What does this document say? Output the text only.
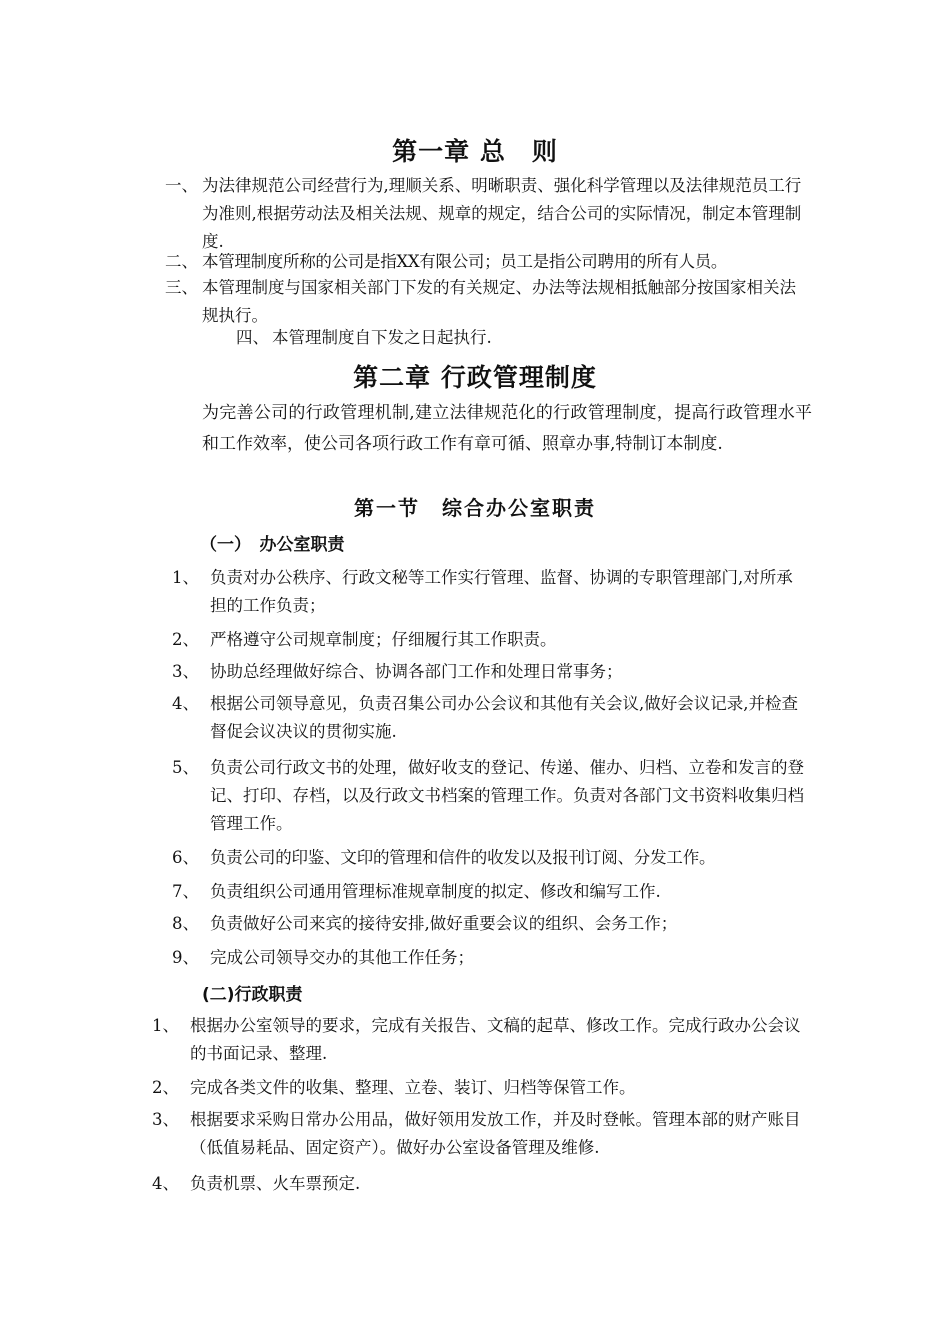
第一章 总　则
一、 为法律规范公司经营行为,理顺关系、明晰职责、强化科学管理以及法律规范员工行为准则,根据劳动法及相关法规、规章的规定，结合公司的实际情况，制定本管理制度.
二、 本管理制度所称的公司是指XX有限公司；员工是指公司聘用的所有人员。
三、 本管理制度与国家相关部门下发的有关规定、办法等法规相抵触部分按国家相关法规执行。
四、 本管理制度自下发之日起执行.
第二章 行政管理制度
为完善公司的行政管理机制,建立法律规范化的行政管理制度，提高行政管理水平和工作效率，使公司各项行政工作有章可循、照章办事,特制订本制度.
第一节　综合办公室职责
（一）　办公室职责
1、 负责对办公秩序、行政文秘等工作实行管理、监督、协调的专职管理部门,对所承担的工作负责；
2、 严格遵守公司规章制度；仔细履行其工作职责。
3、 协助总经理做好综合、协调各部门工作和处理日常事务；
4、 根据公司领导意见，负责召集公司办公会议和其他有关会议,做好会议记录,并检查督促会议决议的贯彻实施.
5、 负责公司行政文书的处理，做好收支的登记、传递、催办、归档、立卷和发言的登记、打印、存档，以及行政文书档案的管理工作。负责对各部门文书资料收集归档管理工作。
6、 负责公司的印鉴、文印的管理和信件的收发以及报刊订阅、分发工作。
7、 负责组织公司通用管理标准规章制度的拟定、修改和编写工作.
8、 负责做好公司来宾的接待安排,做好重要会议的组织、会务工作；
9、 完成公司领导交办的其他工作任务；
(二)行政职责
1、 根据办公室领导的要求，完成有关报告、文稿的起草、修改工作。完成行政办公会议的书面记录、整理.
2、 完成各类文件的收集、整理、立卷、装订、归档等保管工作。
3、 根据要求采购日常办公用品，做好领用发放工作，并及时登帐。管理本部的财产账目（低值易耗品、固定资产）。做好办公室设备管理及维修.
4、 负责机票、火车票预定.
